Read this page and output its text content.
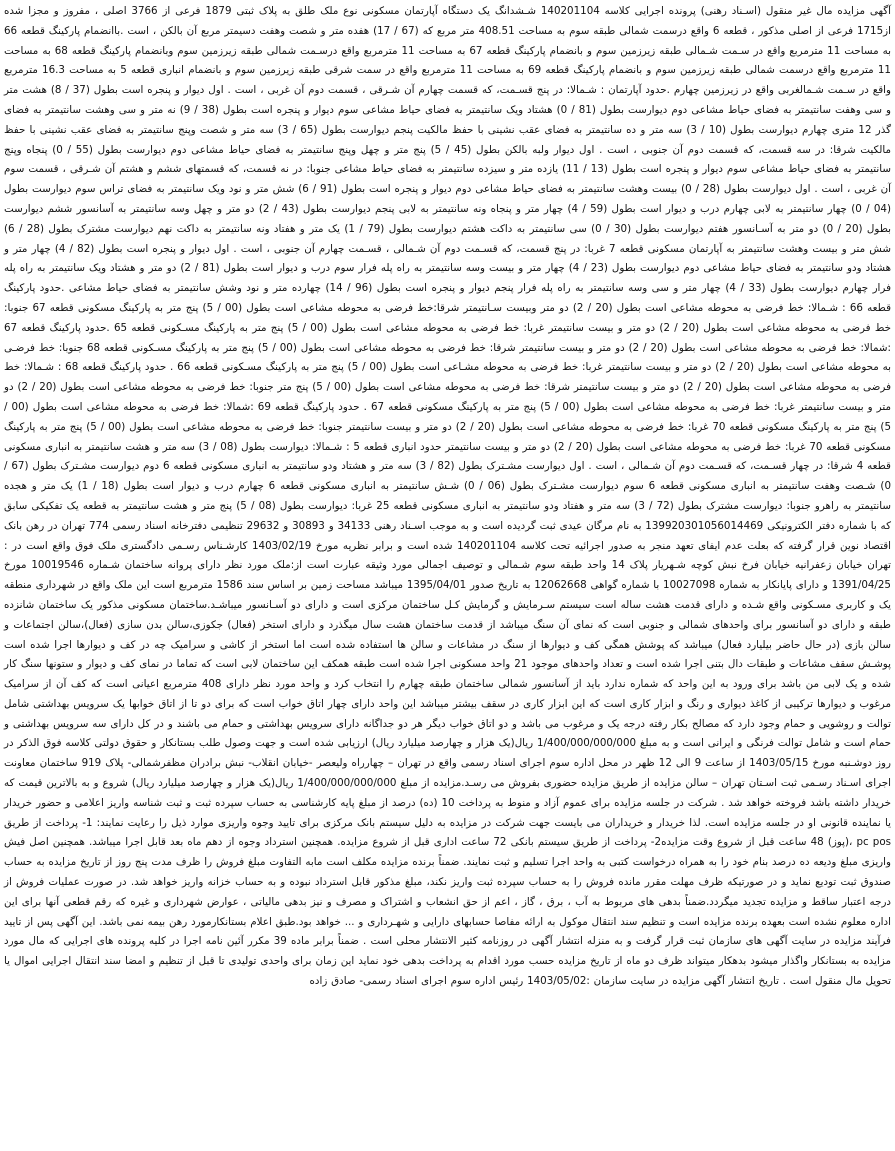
آگهی مزایده مال غیر منقول (اسـناد رهنی) پرونده اجرایی کلاسه 140201104 شـشدانگ یک دستگاه آپارتمان مسکونی نوع ملک طلق به پلاک ثبتی 1879 فرعی از 3766 اصلی ، مفروز و مجزا شده از1715 فرعی از اصلی مذکور ، قطعه 6 واقع درسمت شمالی طبقه سوم به مساحت 408.51 متر مربع که (67 / 17) هفده متر و شصت وهفت دسیمتر مربع آن بالکن ، است .باانضمام پارکینگ قطعه 66 به مساحت 11 مترمربع واقع در سـمت شـمالی طبقه زیرزمین سوم و بانضمام پارکینگ قطعه 67 به مساحت 11 مترمربع واقع درسـمت شمالی طبقه زیرزمین سوم وبانضمام پارکینگ قطعه 68 به مساحت 11 مترمربع واقع درسمت شمالی طبقه زیرزمین سوم و بانضمام پارکینگ قطعه 69 به مساحت 11 مترمربع واقع در سمت شرقی طبقه زیرزمین سوم و بانضمام انباری قطعه 5 به مساحت 16.3 مترمربع واقع در سـمت شـمالغربی واقع در زیرزمین چهارم .حدود آپارتمان : شـمالا: در پنج قسـمت، که قسمت چهارم آن شـرقی ، قسمت دوم آن غربی ، است . اول دیوار و پنجره است بطول (37 / 8) هشت متر و سی وهفت سانتیمتر به فضای حیاط مشاعی دوم دیوارست بطول (81 / 0) هشتاد ویک سانتیمتر به فضای حیاط مشاعی سوم دیوار و پنجره است بطول (38 / 9) نه متر و سی وهشت سانتیمتر به فضای گذر 12 متری چهارم دیوارست بطول (10 / 3) سه متر و ده سانتیمتر به فضای عقب نشینی با حفظ مالکیت پنجم دیوارست بطول (65 / 3) سه متر و شصت وپنج سانتیمتر به فضای عقب نشینی با حفظ مالکیت شرقا: در سه قسمت، که قسمت دوم آن جنوبی ، است . اول دیوار ولبه بالکن بطول (45 / 5) پنج متر و چهل وپنج سانتیمتر به فضای حیاط مشاعی دوم دیوارست بطول (55 / 0) پنجاه وپنج سانتیمتر به فضای حیاط مشاعی سوم دیوار و پنجره است بطول (13 / 11) یازده متر و سیزده سانتیمتر به فضای حیاط مشاعی جنوبا: در نه قسمت، که قسمتهای ششم و هشتم آن شـرقی ، قسمت سوم آن غربی ، است . اول دیوارست بطول (28 / 0) بیست وهشت سانتیمتر به فضای حیاط مشاعی دوم دیوار و پنجره است بطول (91 / 6) شش متر و نود ویک سانتیمتر به فضای تراس سوم دیوارست بطول (04 / 0) چهار سانتیمتر به لابی چهارم درب و دیوار است بطول (59 / 4) چهار متر و پنجاه ونه سانتیمتر به لابی پنجم دیوارست بطول (43 / 2) دو متر و چهل وسه سانتیمتر به آسانسور ششم دیوارست بطول (20 / 0) دو متر به آسـانسور هفتم دیوارست بطول (30 / 0) سی سانتیمتر به داکت هشتم دیوارست بطول (79 / 1) یک متر و هفتاد ونه سانتیمتر به داکت نهم دیوارست مشترک بطول (28 / 6) شش متر و بیست وهشت سانتیمتر به آپارتمان مسکونی قطعه 7 غربا: در پنج قسمت، که قسـمت دوم آن شـمالی ، قسـمت چهارم آن جنوبی ، است . اول دیوار و پنجره است بطول (82 / 4) چهار متر و هشتاد ودو سانتیمتر به فضای حیاط مشاعی دوم دیوارست بطول (23 / 4) چهار متر و بیست وسه سانتیمتر به راه پله فرار سوم درب و دیوار است بطول (81 / 2) دو متر و هشتاد ویک سانتیمتر به راه پله فرار چهارم دیوارست بطول (33 / 4) چهار متر و سی وسه سانتیمتر به راه پله فرار پنجم دیوار و پنجره است بطول (96 / 14) چهارده متر و نود وشش سانتیمتر به فضای حیاط مشاعی .حدود پارکینگ قطعه 66 : شـمالا: خط فرضی به محوطه مشاعی است بطول (20 / 2) دو متر وبیست سـانتیمتر شرقا:خط فرضی به محوطه مشاعی است بطول (00 / 5) پنج متر به پارکینگ مسکونی قطعه 67 جنوبا: خط فرضی به محوطه مشاعی است بطول (20 / 2) دو متر و بیست سانتیمتر غربا: خط فرضی به محوطه مشاعی است بطول (00 / 5) پنج متر به پارکینگ مسـکونی قطعه 65 .حدود پارکینگ قطعه 67 :شمالا: خط فرضی به محوطه مشاعی است بطول (20 / 2) دو متر و بیست سانتیمتر شرقا: خط فرضی به محوطه مشاعی است بطول (00 / 5) پنج متر به پارکینگ مسـکونی قطعه 68 جنوبا: خط فرضـی به محوطه مشاعی است بطول (20 / 2) دو متر و بیست سانتیمتر غربا: خط فرضی به محوطه مشـاعی است بطول (00 / 5) پنج متر به پارکینگ مسـکونی قطعه 66 . حدود پارکینگ قطعه 68 : شـمالا: خط فرضی به محوطه مشاعی است بطول (20 / 2) دو متر و بیست سانتیمتر شرقا: خط فرضی به محوطه مشاعی است بطول (00 / 5) پنج متر جنوبا: خط فرضی به محوطه مشاعی است بطول (20 / 2) دو متر و بیست سانتیمتر غربا: خط فرضی به محوطه مشاعی است بطول (00 / 5) پنج متر به پارکینگ مسکونی قطعه 67 . حدود پارکینگ قطعه 69 :شمالا: خط فرضی به محوطه مشاعی است بطول (00 / 5) پنج متر به پارکینگ مسکونی قطعه 70 غربا: خط فرضی به محوطه مشاعی است بطول (20 / 2) دو متر و بیست سانتیمتر جنوبا: خط فرضی به محوطه مشاعی است بطول (00 / 5) پنج متر به پارکینگ مسکونی قطعه 70 غربا: خط فرضی به محوطه مشاعی است بطول (20 / 2) دو متر و بیست سانتیمتر حدود انباری قطعه 5 : شـمالا: دیوارست بطول (08 / 3) سه متر و هشت سانتیمتر به انباری مسکونی قطعه 4 شرقا: در چهار قسـمت، که قسـمت دوم آن شـمالی ، است . اول دیوارست مشـترک بطول (82 / 3) سه متر و هشتاد ودو سانتیمتر به انباری مسکونی قطعه 6 دوم دیوارست مشـترک بطول (67 / 0) شـصت وهفت سانتیمتر به انباری مسکونی قطعه 6 سوم دیوارست مشـترک بطول (06 / 0) شـش سانتیمتر به انباری مسکونی قطعه 6 چهارم درب و دیوار است بطول (18 / 1) یک متر و هجده سانتیمتر به راهرو جنوبا: دیوارست مشترک بطول (72 / 3) سه متر و هفتاد ودو سانتیمتر به انباری مسکونی قطعه 25 غربا: دیوارست بطول (08 / 5) پنج متر و هشت سانتیمتر به قطعه یک تفکیکی سابق که با شماره دفتر الکترونیکی 139920301056014469 به نام مرگان عیدی ثبت گردیده است و به موجب اسـناد رهنی 34133 و 30893 و 29632 تنظیمی دفترخانه اسناد رسمی 774 تهران در رهن بانک اقتصاد نوین قرار گرفته که بعلت عدم ایفای تعهد منجر به صدور اجرائیه تحت کلاسه 140201104 شده است و برابر نظریه مورخ 1403/02/19 کارشـناس رسـمی دادگستری ملک فوق واقع است در : تهران خیابان زعفرانیه خیابان فرخ نبش کوچه شـهریار پلاک 14 واحد طبقه سوم شـمالی و توصیف اجمالی مورد وثیقه عبارت است از:ملک مورد نظر دارای پروانه ساختمان شـماره 10019546 مورخ 1391/04/25 و دارای پایانکار به شماره 10027098 با شماره گواهی 12062668 به تاریخ صدور 1395/04/01 میباشد مساحت زمین بر اساس سند 1586 مترمربع است این ملک واقع در شهرداری منطقه یک و کاربری مسـکونی واقع شـده و دارای قدمت هشت ساله است سیستم سـرمایش و گرمایش کـل ساختمان مرکزی است و دارای دو آسـانسور میباشـد.ساختمان مسکونی مذکور یک ساختمان شانزده طبقه و دارای دو آسانسور برای واحدهای شمالی و جنوبی است که نمای آن سنگ میباشد از قدمت ساختمان هشت سال میگذرد و دارای استخر (فعال) جکوزی،سالن بدن سازی (فعال)،سالن اجتماعات و سالن بازی (در حال حاضر بیلیارد فعال) میباشد که پوشش همگی کف و دیوارها از سنگ در مشاعات و سالن ها استفاده شده است اما استخر از کاشی و سرامیک چه در کف و دیوارها اجرا شده است پوشـش سقف مشاعات و طبقات دال بتنی اجرا شده است و تعداد واحدهای موجود 21 واحد مسکونی اجرا شده است طبقه همکف این ساختمان لابی است که تماما در نمای کف و دیوار و ستونها سنگ کار شده و یک لابی من باشد برای ورود به این واحد که شماره ندارد باید از آسانسور شمالی ساختمان طبقه چهارم را انتخاب کرد و واحد مورد نظر دارای 408 مترمربع اعیانی است که کف آن از سرامیک مرغوب و دیوارها ترکیبی از کاغذ دیواری و رنگ و ابزار کاری است که این ابزار کاری در سقف بیشتر میباشد این واحد دارای چهار اتاق خواب است که برای دو تا از اتاق خوابها یک سرویس بهداشتی شامل توالت و روشویی و حمام وجود دارد که مصالح بکار رفته درجه یک و مرغوب می باشد و دو اتاق خواب دیگر هر دو جداگانه دارای سرویس بهداشتی و حمام می باشند و در کل دارای سه سرویس بهداشتی و حمام است و شامل توالت فرنگی و ایرانی است و به مبلغ 1/400/000/000/000 ریال(یک هزار و چهارصد میلیارد ریال) ارزیابی شده است و جهت وصول طلب بستانکار و حقوق دولتی کلاسه فوق الذکر در روز دوشـنبه مورخ 1403/05/15 از ساعت 9 الی 12 ظهر در محل اداره سوم اجرای اسناد رسمی واقع در تهران – چهارراه ولیعصر -خیابان انقلاب- نبش برادران مظفرشمالی- پلاک 919 ساختمان معاونت اجرای اسـناد رسـمی ثبت اسـتان تهران – سالن مزایده از طریق مزایده حضوری بفروش می رسـد.مزایده از مبلغ 1/400/000/000/000 ریال(یک هزار و چهارصد میلیارد ریال) شروع و به بالاترین قیمت که خریدار داشته باشد فروخته خواهد شد . شرکت در جلسه مزایده برای عموم آزاد و منوط به پرداخت 10 (ده) درصد از مبلغ پایه کارشناسی به حساب سپرده ثبت و ثبت شناسه واریز اعلامی و حضور خریدار یا نماینده قانونی او در جلسه مزایده است. لذا خریدار و خریداران می بایست جهت شرکت در مزایده به دلیل سیستم بانک مرکزی برای تایید وجوه واریزی موارد ذیل را رعایت نمایند: 1- پرداخت از طریق pc pos ،(پوز) 48 ساعت قبل از شروع وقت مزایده2- پرداخت از طریق سیستم بانکی 72 ساعت اداری قبل از شروع مزایده. همچنین استرداد وجوه از دهم ماه بعد قابل اجرا میباشد. همچنین اصل فیش واریزی مبلغ ودیعه ده درصد بنام خود را به همراه درخواست کتبی به واحد اجرا تسلیم و ثبت نمایند. ضمناً برنده مزایده مکلف است مابه التفاوت مبلغ فروش را ظرف مدت پنج روز از تاریخ مزایده به حساب صندوق ثبت تودیع نماید و در صورتیکه ظرف مهلت مقرر مانده فروش را به حساب سپرده ثبت واریز نکند، مبلغ مذکور قابل استرداد نبوده و به حساب خزانه واریز خواهد شد. در صورت عملیات فروش از درجه اعتبار ساقط و مزایده تجدید میگردد.ضمناً بدهی های مربوط به آب ، برق ، گاز ، اعم از حق انشعاب و اشتراک و مصرف و نیز بدهی مالیاتی ، عوارض شهرداری و غیره که رقم قطعی آنها برای این اداره معلوم نشده است بعهده برنده مزایده است و تنظیم سند انتقال موکول به ارائه مفاصا حسابهای دارایی و شهـرداری و ... خواهد بود.طبق اعلام بستانکارمورد رهن بیمه نمی باشد. این آگهی پس از تایید فرآیند مزایده در سایت آگهی های سازمان ثبت قرار گرفت و به منزله انتشار آگهی در روزنامه کثیر الانتشار محلی است . ضمناً برابر ماده 39 مکرر آئین نامه اجرا در کلیه پرونده های اجرایی که مال مورد مزایده به بستانکار واگذار میشود بدهکار میتواند ظرف دو ماه از تاریخ مزایده حسب مورد اقدام به پرداخت بدهی خود نماید این زمان برای واحدی تولیدی تا قبل از تنظیم و امضا سند انتقال اجرایی اموال یا تحویل مال منقول است . تاریخ انتشار آگهی مزایده در سایت سازمان :1403/05/02 رئیس اداره سوم اجرای اسناد رسمی- صادق زاده
